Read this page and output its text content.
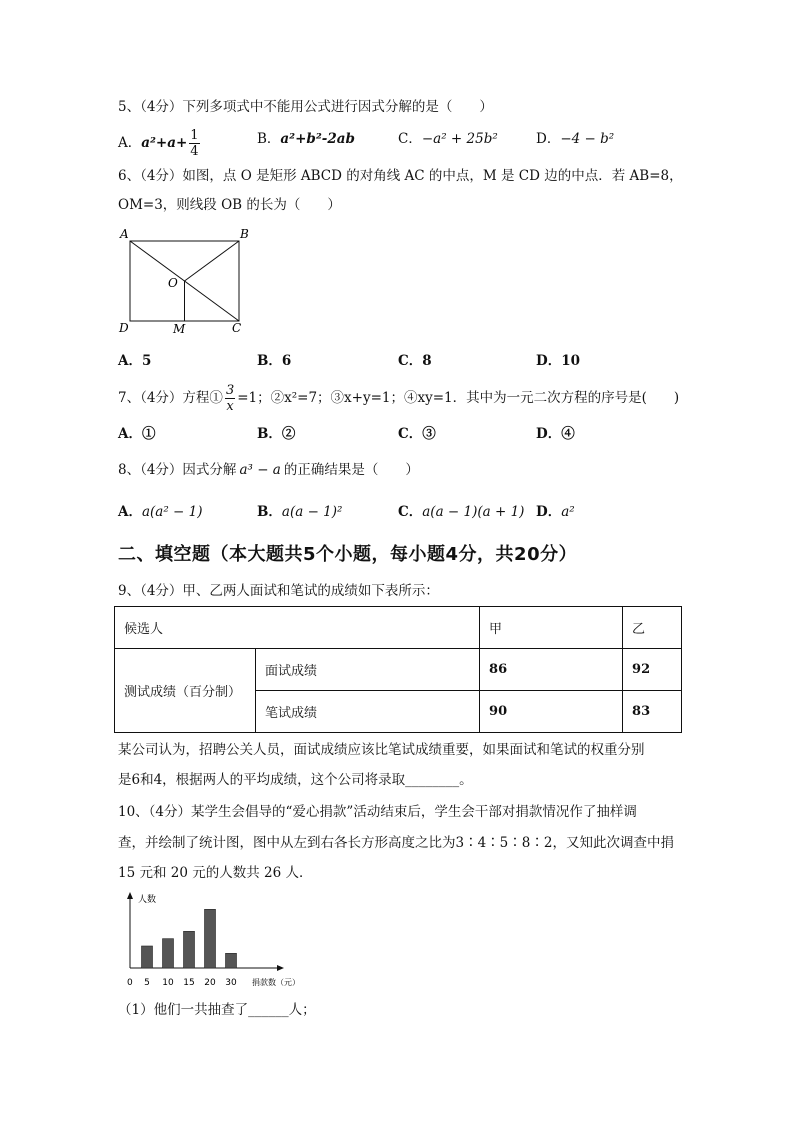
5、（4分）下列多项式中不能用公式进行因式分解的是（　　）
A．$a^2+a+ \frac{1}{4}$	B．a²+b²-2ab	C．−a² + 25b²	D．−4 − b²
6、（4分）如图，点 O 是矩形 ABCD 的对角线 AC 的中点，M 是 CD 边的中点．若 AB=8，
OM=3，则线段 OB 的长为（　　）
A	B
C
D
O
M
A．5	B．6	C．8	D．10
7、（4分）方程① $\frac{3}{x} =1$；②x²=7；③x+y=1；④xy=1．其中为一元二次方程的序号是(　　)
A．①	B．②	C．③	D．④
8、（4分）因式分解 a³ − a 的正确结果是（　　）
A．a(a² − 1)	B．a(a − 1)²	C．a(a − 1)(a + 1) D．a²
二、填空题（本大题共5个小题，每小题4分，共20分）
9、（4分）甲、乙两人面试和笔试的成绩如下表所示：
候选人		甲	乙
测试成绩（百分制）	面试成绩	86	92
	笔试成绩	90	83
某公司认为，招聘公关人员，面试成绩应该比笔试成绩重要，如果面试和笔试的权重分别
是6和4，根据两人的平均成绩，这个公司将录取________。
10、（4分）某学生会倡导的“爱心捐款”活动结束后，学生会干部对捐款情况作了抽样调
查，并绘制了统计图，图中从左到右各长方形高度之比为3∶4∶5∶8∶2，又知此次调查中捐
15 元和 20 元的人数共 26 人．
人数
捐款数（元）
0 5 10 15 20 30
（1）他们一共抽查了______人；
